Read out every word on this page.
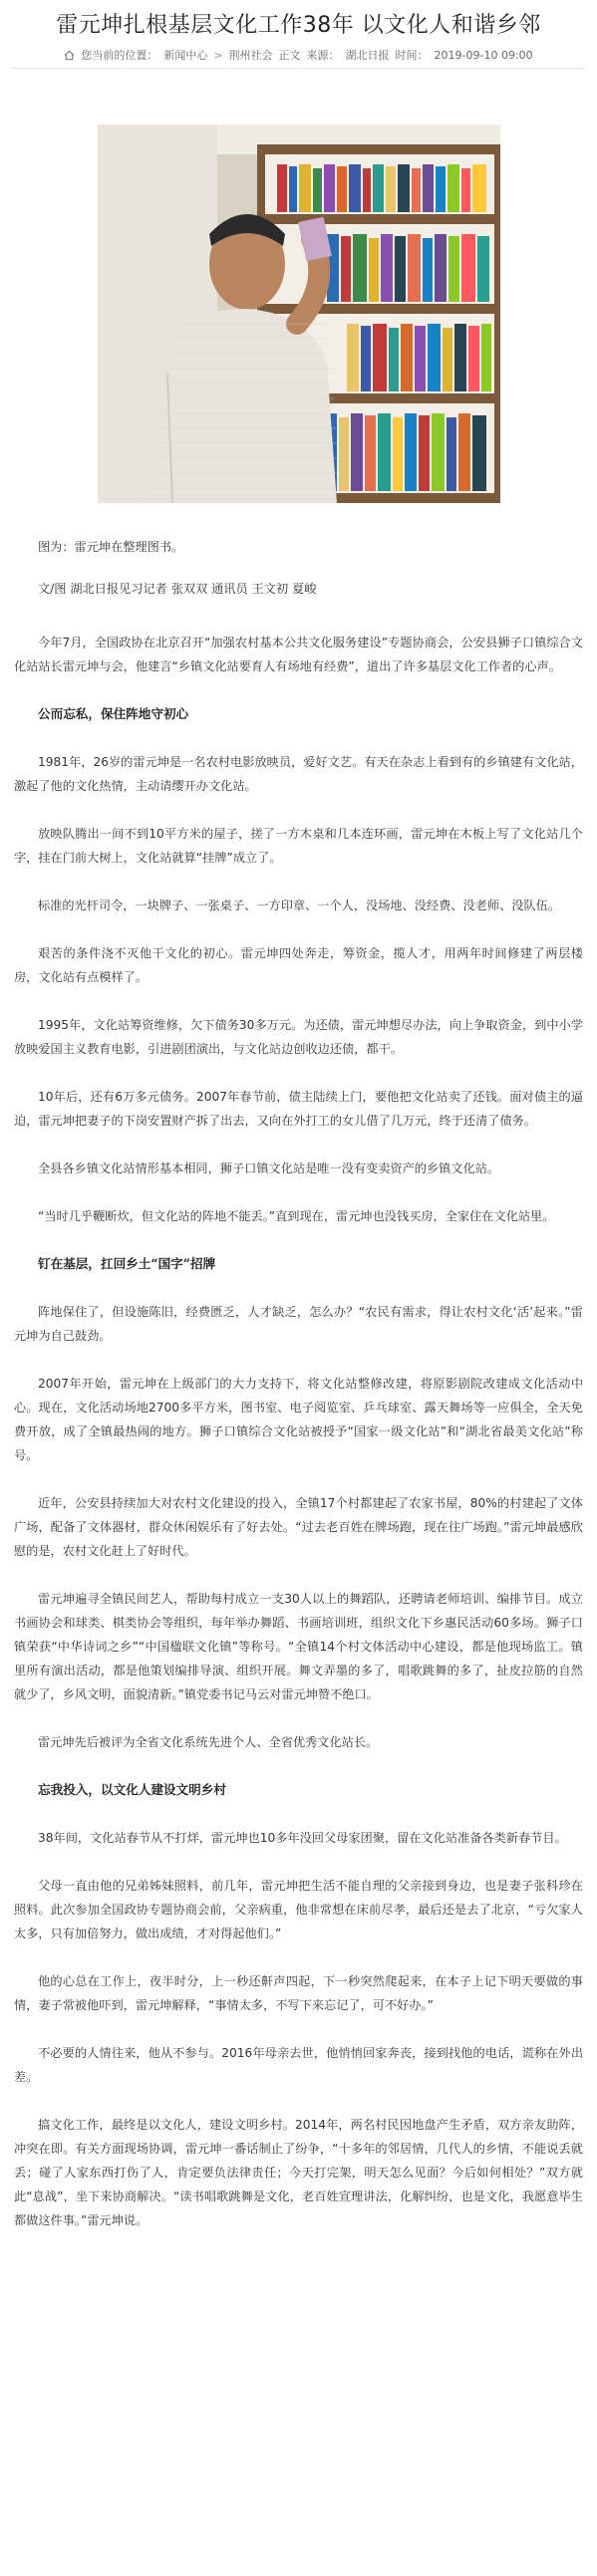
雷元坤扎根基层文化工作38年 以文化人和谐乡邻
您当前的位置： 新闻中心 > 荆州社会 正文 来源： 湖北日报 时间： 2019-09-10 09:00

图为：雷元坤在整理图书。

文/图 湖北日报见习记者 张双双 通讯员 王文初 夏峻

今年7月，全国政协在北京召开“加强农村基本公共文化服务建设”专题协商会，公安县狮子口镇综合文化站站长雷元坤与会，他建言“乡镇文化站要育人有场地有经费”，道出了许多基层文化工作者的心声。

公而忘私，保住阵地守初心

1981年，26岁的雷元坤是一名农村电影放映员，爱好文艺。有天在杂志上看到有的乡镇建有文化站，激起了他的文化热情，主动请缨开办文化站。

放映队腾出一间不到10平方米的屋子，搓了一方木桌和几本连环画，雷元坤在木板上写了文化站几个字，挂在门前大树上，文化站就算“挂牌”成立了。

标准的光杆司令，一块牌子、一张桌子、一方印章、一个人，没场地、没经费、没老师、没队伍。

艰苦的条件浇不灭他干文化的初心。雷元坤四处奔走，筹资金，揽人才，用两年时间修建了两层楼房，文化站有点模样了。

1995年，文化站筹资维修，欠下债务30多万元。为还债，雷元坤想尽办法，向上争取资金，到中小学放映爱国主义教育电影，引进剧团演出，与文化站边创收边还债，都干。

10年后，还有6万多元债务。2007年春节前，债主陆续上门，要他把文化站卖了还钱。面对债主的逼迫，雷元坤把妻子的下岗安置财产拆了出去，又向在外打工的女儿借了几万元，终于还清了债务。

全县各乡镇文化站情形基本相同，狮子口镇文化站是唯一没有变卖资产的乡镇文化站。

“当时几乎鞭断炊，但文化站的阵地不能丢。”直到现在，雷元坤也没钱买房，全家住在文化站里。

钉在基层，扛回乡土“国字”招牌

阵地保住了，但设施陈旧，经费匮乏，人才缺乏，怎么办？“农民有需求，得让农村文化‘活’起来。”雷元坤为自己鼓劲。

2007年开始，雷元坤在上级部门的大力支持下，将文化站整修改建，将原影剧院改建成文化活动中心。现在，文化活动场地2700多平方米，图书室、电子阅览室、乒乓球室、露天舞场等一应俱全，全天免费开放，成了全镇最热闹的地方。狮子口镇综合文化站被授予“国家一级文化站”和“湖北省最美文化站”称号。

近年，公安县持续加大对农村文化建设的投入，全镇17个村都建起了农家书屋，80%的村建起了文体广场，配备了文体器材，群众休闲娱乐有了好去处。“过去老百姓在牌场跑，现在往广场跑。”雷元坤最感欣慰的是，农村文化赶上了好时代。

雷元坤遍寻全镇民间艺人，帮助每村成立一支30人以上的舞蹈队，还聘请老师培训、编排节目。成立书画协会和球类、棋类协会等组织，每年举办舞蹈、书画培训班，组织文化下乡惠民活动60多场。狮子口镇荣获“中华诗词之乡”“中国楹联文化镇”等称号。“全镇14个村文体活动中心建设，都是他现场监工。镇里所有演出活动，都是他策划编排导演、组织开展。舞文弄墨的多了，唱歌跳舞的多了，扯皮拉筋的自然就少了，乡风文明，面貌清新。”镇党委书记马云对雷元坤赞不绝口。

雷元坤先后被评为全省文化系统先进个人、全省优秀文化站长。

忘我投入，以文化人建设文明乡村

38年间，文化站春节从不打烊，雷元坤也10多年没回父母家团聚，留在文化站准备各类新春节目。

父母一直由他的兄弟姊妹照料，前几年，雷元坤把生活不能自理的父亲接到身边，也是妻子张科珍在照料。此次参加全国政协专题协商会前，父亲病重，他非常想在床前尽孝，最后还是去了北京，“亏欠家人太多，只有加倍努力，做出成绩，才对得起他们。”

他的心总在工作上，夜半时分，上一秒还鼾声四起，下一秒突然爬起来，在本子上记下明天要做的事情，妻子常被他吓到，雷元坤解释，“事情太多，不写下来忘记了，可不好办。”

不必要的人情往来，他从不参与。2016年母亲去世，他悄悄回家奔丧，接到找他的电话，谎称在外出差。

搞文化工作，最终是以文化人，建设文明乡村。2014年，两名村民因地盘产生矛盾，双方亲友助阵，冲突在即。有关方面现场协调，雷元坤一番话制止了纷争，“十多年的邻居情，几代人的乡情，不能说丢就丢；碰了人家东西打伤了人，肯定要负法律责任；今天打完架，明天怎么见面？今后如何相处？”双方就此“息战”，坐下来协商解决。“读书唱歌跳舞是文化，老百姓宣理讲法，化解纠纷，也是文化，我愿意毕生都做这件事。”雷元坤说。
